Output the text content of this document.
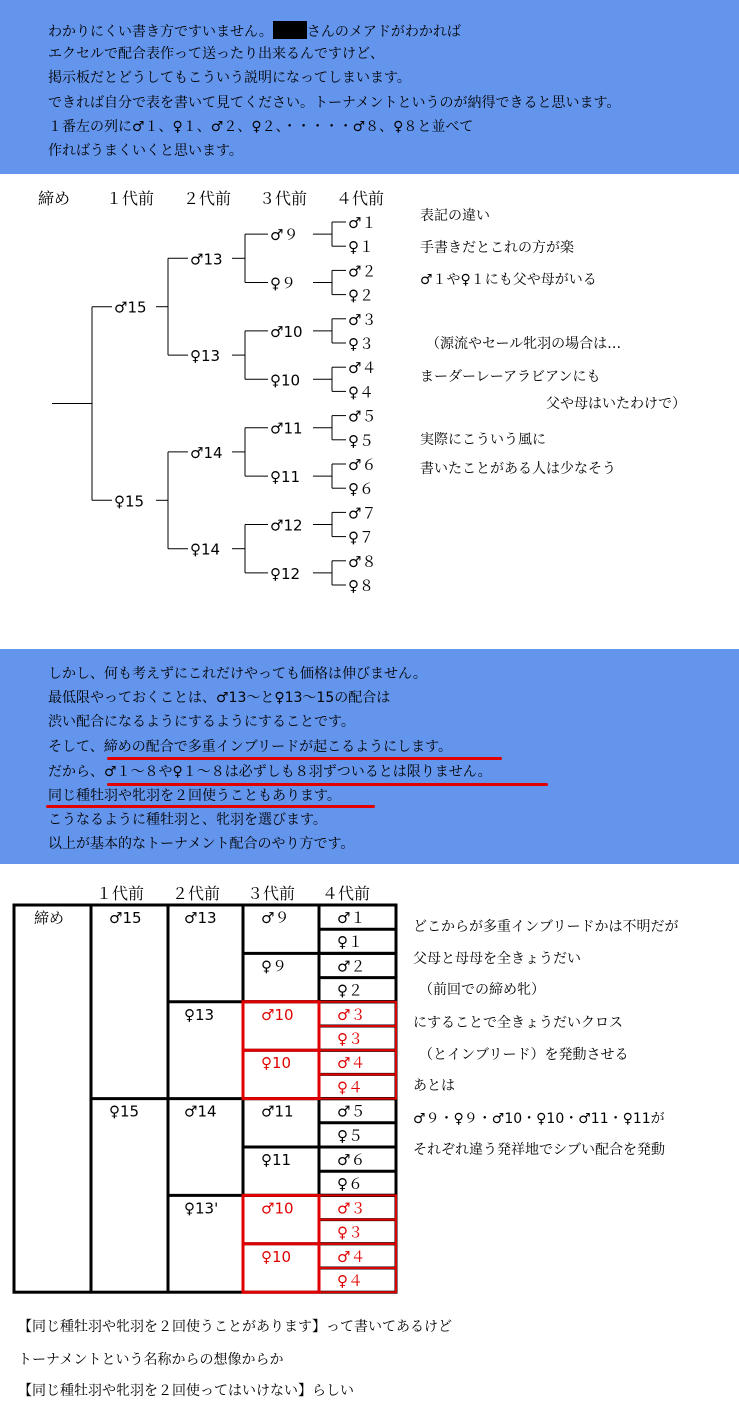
わかりにくい書き方ですいません。 さんのメアドがわかれば
エクセルで配合表作って送ったり出来るんですけど、
掲示板だとどうしてもこういう説明になってしまいます。
できれば自分で表を書いて見てください。トーナメントというのが納得できると思います。
１番左の列に♂１、♀１、♂２、♀２、・・・・・♂８、♀８と並べて
作ればうまくいくと思います。
締め １代前 ２代前 ３代前 ４代前
♂15
♀15
♂13
♀13
♂14
♀14
♂９
♀９
♂10
♀10
♂11
♀11
♂12
♀12
♂１
♀１
♂２
♀２
♂３
♀３
♂４
♀４
♂５
♀５
♂６
♀６
♂７
♀７
♂８
♀８
表記の違い
手書きだとこれの方が楽
♂１や♀１にも父や母がいる
（源流やセール牝羽の場合は…
まーダーレーアラビアンにも
父や母はいたわけで）
実際にこういう風に
書いたことがある人は少なそう
しかし、何も考えずにこれだけやっても価格は伸びません。
最低限やっておくことは、♂13～と♀13～15の配合は
渋い配合になるようにするようにすることです。
そして、締めの配合で多重インブリードが起こるようにします。
だから、♂１～８や♀１～８は必ずしも８羽ずついるとは限りません。
同じ種牡羽や牝羽を２回使うこともあります。
こうなるように種牡羽と、牝羽を選びます。
以上が基本的なトーナメント配合のやり方です。
１代前 ２代前 ３代前 ４代前
締め	♂15
♀15
♂13
♀13
♂14
♀13'
♂９
♀９
♂10
♀10
♂11
♀11
♂10
♀10
♂１
♀１
♂２
♀２
♂３
♀３
♂４
♀４
♂５
♀５
♂６
♀６
♂３
♀３
♂４
♀４
どこからが多重インブリードかは不明だが
父母と母母を全きょうだい
（前回での締め牝）
にすることで全きょうだいクロス
（とインブリード）を発動させる
あとは
♂９・♀９・♂10・♀10・♂11・♀11が
それぞれ違う発祥地でシブい配合を発動
【同じ種牡羽や牝羽を２回使うことがあります】って書いてあるけど
トーナメントという名称からの想像からか
【同じ種牡羽や牝羽を２回使ってはいけない】らしい
